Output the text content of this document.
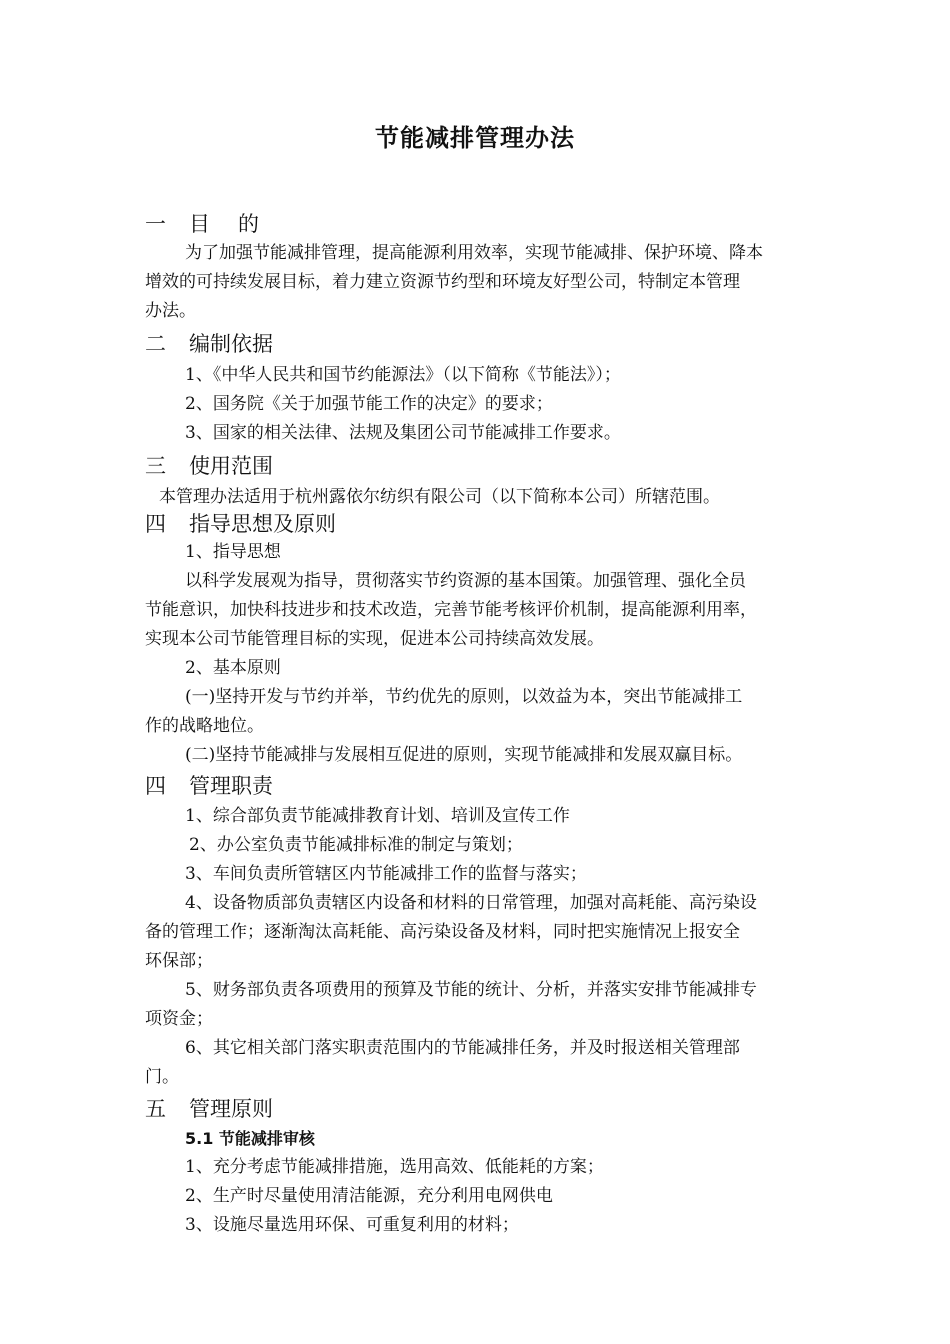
节能减排管理办法
一 目 的
为了加强节能减排管理，提高能源利用效率，实现节能减排、保护环境、降本
增效的可持续发展目标，着力建立资源节约型和环境友好型公司，特制定本管理
办法。
二 编制依据
1、《中华人民共和国节约能源法》（以下简称《节能法》）；
2、国务院《关于加强节能工作的决定》的要求；
3、国家的相关法律、法规及集团公司节能减排工作要求。
三 使用范围
本管理办法适用于杭州露依尔纺织有限公司（以下简称本公司）所辖范围。
四 指导思想及原则
1、指导思想
以科学发展观为指导，贯彻落实节约资源的基本国策。加强管理、强化全员
节能意识，加快科技进步和技术改造，完善节能考核评价机制，提高能源利用率，
实现本公司节能管理目标的实现，促进本公司持续高效发展。
2、基本原则
(一)坚持开发与节约并举，节约优先的原则，以效益为本，突出节能减排工
作的战略地位。
(二)坚持节能减排与发展相互促进的原则，实现节能减排和发展双赢目标。
四 管理职责
1、综合部负责节能减排教育计划、培训及宣传工作
2、办公室负责节能减排标准的制定与策划；
3、车间负责所管辖区内节能减排工作的监督与落实；
4、设备物质部负责辖区内设备和材料的日常管理，加强对高耗能、高污染设
备的管理工作；逐渐淘汰高耗能、高污染设备及材料，同时把实施情况上报安全
环保部；
5、财务部负责各项费用的预算及节能的统计、分析，并落实安排节能减排专
项资金；
6、其它相关部门落实职责范围内的节能减排任务，并及时报送相关管理部
门。
五 管理原则
5.1 节能减排审核
1、充分考虑节能减排措施，选用高效、低能耗的方案；
2、生产时尽量使用清洁能源，充分利用电网供电
3、设施尽量选用环保、可重复利用的材料；
